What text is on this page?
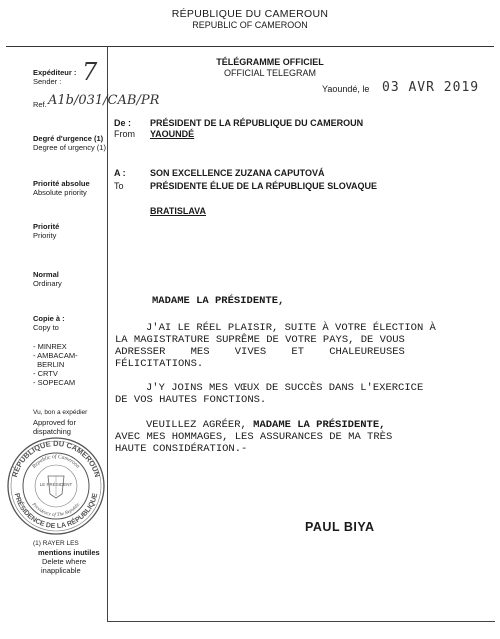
RÉPUBLIQUE DU CAMEROUN
REPUBLIC OF CAMEROON
TÉLÉGRAMME OFFICIEL
OFFICIAL TELEGRAM
Expéditeur :
Sender : 7
Ref. A1b/031/CAB/PR
Degré d'urgence (1)
Degree of urgency (1)
Priorité absolue
Absolute priority
Priorité
Priority
Normal
Ordinary
Copie à :
Copy to
- MINREX
- AMBACAM-
BERLIN
- CRTV
- SOPECAM
Vu, bon a expédier
Approved for
dispatching
RÉPUBLIQUE DU CAMEROUN
PRÉSIDENCE DE LA RÉPUBLIQUE
Republic of Cameroon
Presidency of The Republic
LE PRÉSIDENT
(1) RAYER LES
mentions inutiles
Delete where
inapplicable
Yaoundé, le 03 AVR 2019
De :
From
PRÉSIDENT DE LA RÉPUBLIQUE DU CAMEROUN
YAOUNDÉ
A :
To
SON EXCELLENCE ZUZANA CAPUTOVÁ
PRÉSIDENTE ÉLUE DE LA RÉPUBLIQUE SLOVAQUE
BRATISLAVA
MADAME LA PRÉSIDENTE,
J'AI LE RÉEL PLAISIR, SUITE À VOTRE ÉLECTION À
LA MAGISTRATURE SUPRÊME DE VOTRE PAYS, DE VOUS
ADRESSER    MES    VIVES    ET    CHALEUREUSES
FÉLICITATIONS.
J'Y JOINS MES VŒUX DE SUCCÈS DANS L'EXERCICE
DE VOS HAUTES FONCTIONS.
VEUILLEZ AGRÉER, MADAME LA PRÉSIDENTE,
AVEC MES HOMMAGES, LES ASSURANCES DE MA TRÈS
HAUTE CONSIDÉRATION.-
PAUL BIYA
